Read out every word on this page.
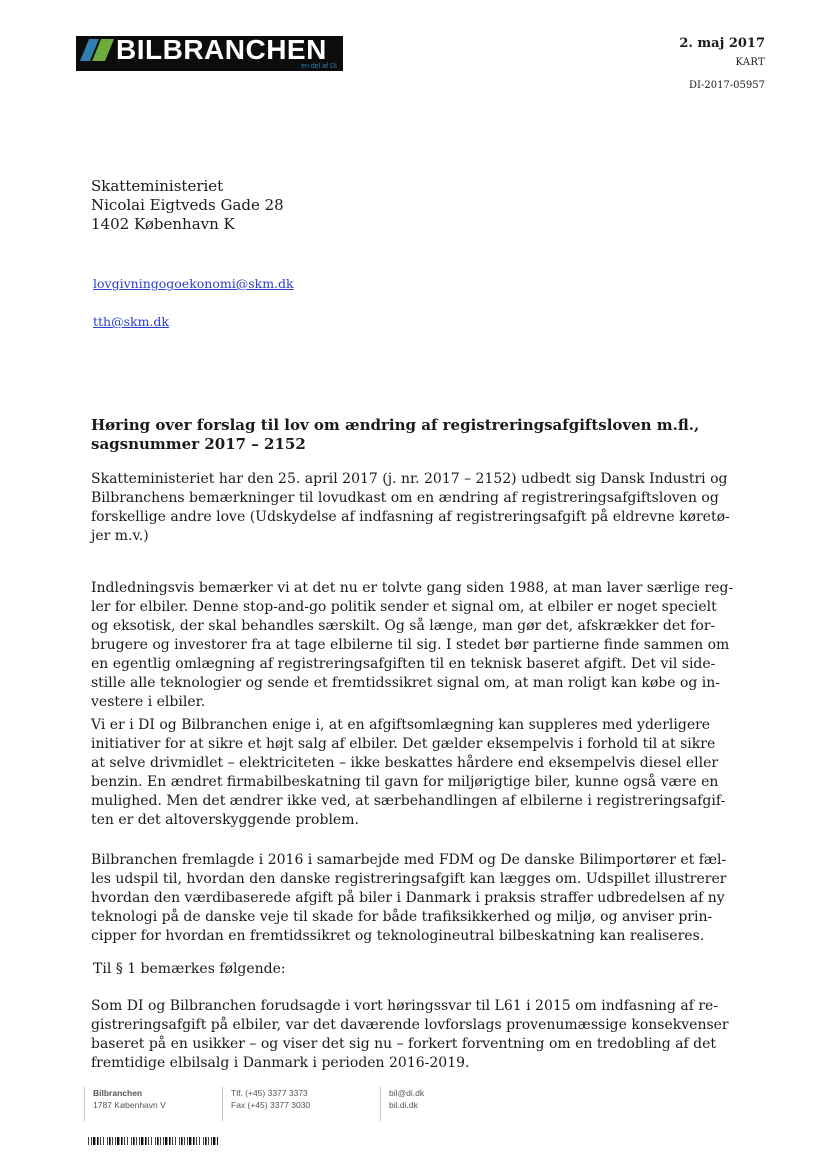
BILBRANCHEN
en del af DI
2. maj 2017
KART
DI-2017-05957
Skatteministeriet
Nicolai Eigtveds Gade 28
1402 København K
lovgivningogoekonomi@skm.dk
tth@skm.dk
Høring over forslag til lov om ændring af registreringsafgiftsloven m.fl.,
sagsnummer 2017 – 2152

Skatteministeriet har den 25. april 2017 (j. nr. 2017 – 2152) udbedt sig Dansk Industri og
Bilbranchens bemærkninger til lovudkast om en ændring af registreringsafgiftsloven og
forskellige andre love (Udskydelse af indfasning af registreringsafgift på eldrevne køretø-
jer m.v.)

Indledningsvis bemærker vi at det nu er tolvte gang siden 1988, at man laver særlige reg-
ler for elbiler. Denne stop-and-go politik sender et signal om, at elbiler er noget specielt
og eksotisk, der skal behandles særskilt. Og så længe, man gør det, afskrækker det for-
brugere og investorer fra at tage elbilerne til sig. I stedet bør partierne finde sammen om
en egentlig omlægning af registreringsafgiften til en teknisk baseret afgift. Det vil side-
stille alle teknologier og sende et fremtidssikret signal om, at man roligt kan købe og in-
vestere i elbiler.

Vi er i DI og Bilbranchen enige i, at en afgiftsomlægning kan suppleres med yderligere
initiativer for at sikre et højt salg af elbiler. Det gælder eksempelvis i forhold til at sikre
at selve drivmidlet – elektriciteten – ikke beskattes hårdere end eksempelvis diesel eller
benzin. En ændret firmabilbeskatning til gavn for miljørigtige biler, kunne også være en
mulighed. Men det ændrer ikke ved, at særbehandlingen af elbilerne i registreringsafgif-
ten er det altoverskyggende problem.

Bilbranchen fremlagde i 2016 i samarbejde med FDM og De danske Bilimportører et fæl-
les udspil til, hvordan den danske registreringsafgift kan lægges om. Udspillet illustrerer
hvordan den værdibaserede afgift på biler i Danmark i praksis straffer udbredelsen af ny
teknologi på de danske veje til skade for både trafiksikkerhed og miljø, og anviser prin-
cipper for hvordan en fremtidssikret og teknologineutral bilbeskatning kan realiseres.

Til § 1 bemærkes følgende:

Som DI og Bilbranchen forudsagde i vort høringssvar til L61 i 2015 om indfasning af re-
gistreringsafgift på elbiler, var det daværende lovforslags provenumæssige konsekvenser
baseret på en usikker – og viser det sig nu – forkert forventning om en tredobling af det
fremtidige elbilsalg i Danmark i perioden 2016-2019.

Bilbranchen
1787 København V
Tlf. (+45) 3377 3373
Fax (+45) 3377 3030
bil@di.dk
bil.di.dk
